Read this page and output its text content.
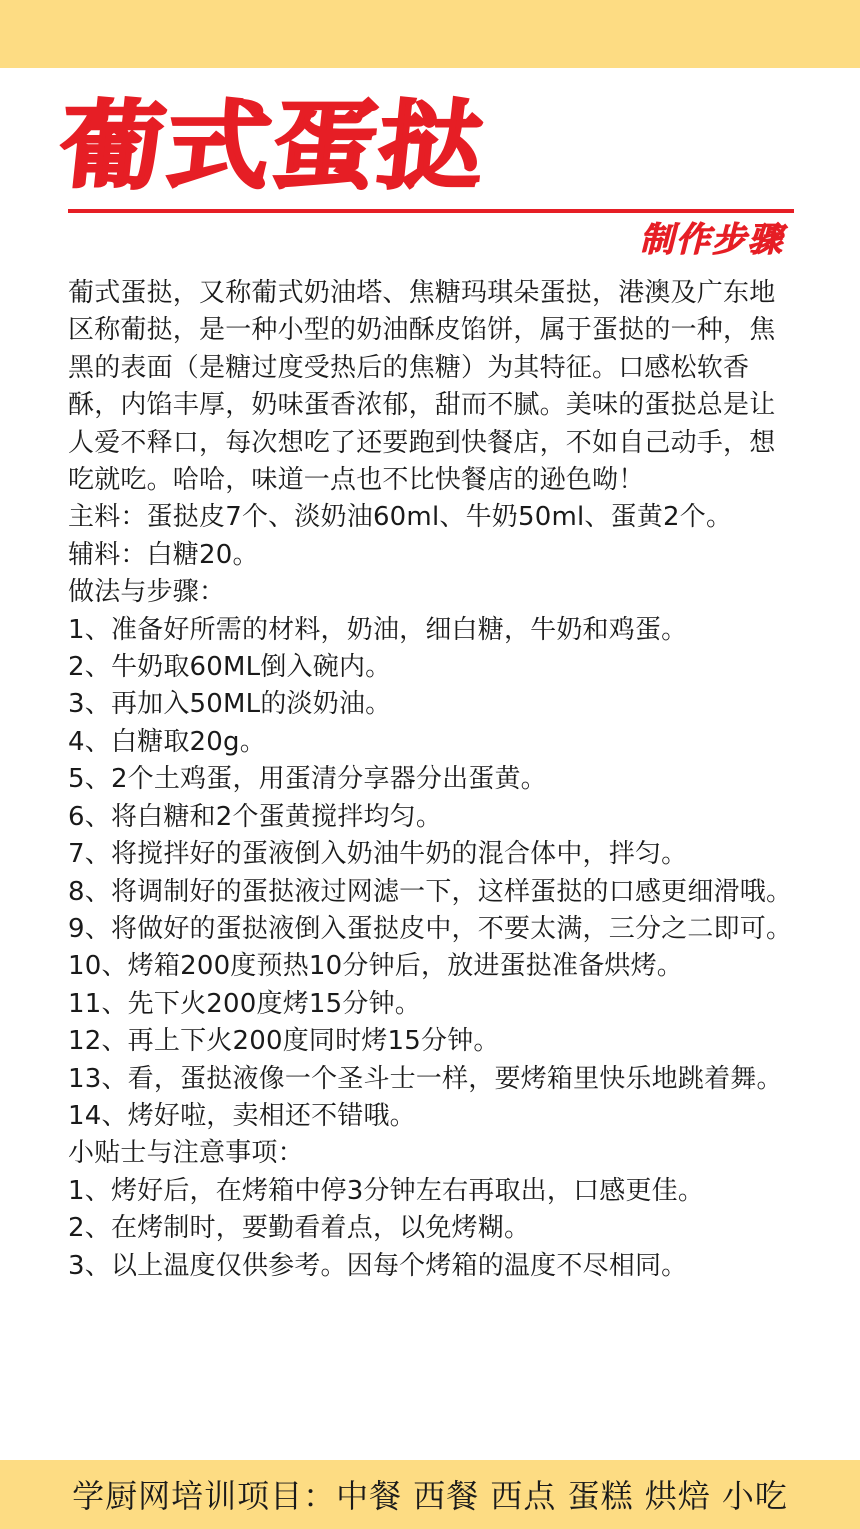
葡式蛋挞
制作步骤

葡式蛋挞，又称葡式奶油塔、焦糖玛琪朵蛋挞，港澳及广东地区称葡挞，是一种小型的奶油酥皮馅饼，属于蛋挞的一种，焦黑的表面（是糖过度受热后的焦糖）为其特征。口感松软香酥，内馅丰厚，奶味蛋香浓郁，甜而不腻。美味的蛋挞总是让人爱不释口，每次想吃了还要跑到快餐店，不如自己动手，想吃就吃。哈哈，味道一点也不比快餐店的逊色呦！

主料：蛋挞皮7个、淡奶油60ml、牛奶50ml、蛋黄2个。

辅料：白糖20。

做法与步骤：

1、准备好所需的材料，奶油，细白糖，牛奶和鸡蛋。

2、牛奶取60ML倒入碗内。

3、再加入50ML的淡奶油。

4、白糖取20g。

5、2个土鸡蛋，用蛋清分享器分出蛋黄。

6、将白糖和2个蛋黄搅拌均匀。

7、将搅拌好的蛋液倒入奶油牛奶的混合体中，拌匀。

8、将调制好的蛋挞液过网滤一下，这样蛋挞的口感更细滑哦。

9、将做好的蛋挞液倒入蛋挞皮中，不要太满，三分之二即可。

10、烤箱200度预热10分钟后，放进蛋挞准备烘烤。

11、先下火200度烤15分钟。

12、再上下火200度同时烤15分钟。

13、看，蛋挞液像一个圣斗士一样，要烤箱里快乐地跳着舞。

14、烤好啦，卖相还不错哦。

小贴士与注意事项：

1、烤好后，在烤箱中停3分钟左右再取出，口感更佳。

2、在烤制时，要勤看着点，以免烤糊。

3、以上温度仅供参考。因每个烤箱的温度不尽相同。

学厨网培训项目：中餐 西餐 西点 蛋糕 烘焙 小吃
